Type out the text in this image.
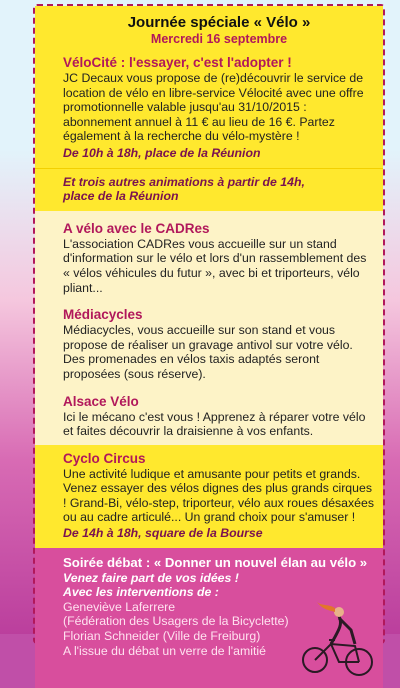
Journée spéciale « Vélo »
Mercredi 16 septembre

VéloCité : l'essayer, c'est l'adopter !

JC Decaux vous propose de (re)découvrir le service de location de vélo en libre-service Vélocité avec une offre promotionnelle valable jusqu'au 31/10/2015 : abonnement annuel à 11 € au lieu de 16 €. Partez également à la recherche du vélo-mystère !

De 10h à 18h, place de la Réunion

Et trois autres animations à partir de 14h,

place de la Réunion

A vélo avec le CADRes

L'association CADRes vous accueille sur un stand d'information sur le vélo et lors d'un rassemblement des « vélos véhicules du futur », avec bi et triporteurs, vélo pliant...

Médiacycles

Médiacycles, vous accueille sur son stand et vous propose de réaliser un gravage antivol sur votre vélo. Des promenades en vélos taxis adaptés seront proposées (sous réserve).

Alsace Vélo

Ici le mécano c'est vous ! Apprenez à réparer votre vélo et faites découvrir la draisienne à vos enfants.

Cyclo Circus

Une activité ludique et amusante pour petits et grands. Venez essayer des vélos dignes des plus grands cirques ! Grand-Bi, vélo-step, triporteur, vélo aux roues désaxées ou au cadre articulé... Un grand choix pour s'amuser !

De 14h à 18h, square de la Bourse

Soirée débat : « Donner un nouvel élan au vélo »

Venez faire part de vos idées !

Avec les interventions de :

Geneviève Laferrere

(Fédération des Usagers de la Bicyclette)

Florian Schneider (Ville de Freiburg)

A l'issue du débat un verre de l'amitié
